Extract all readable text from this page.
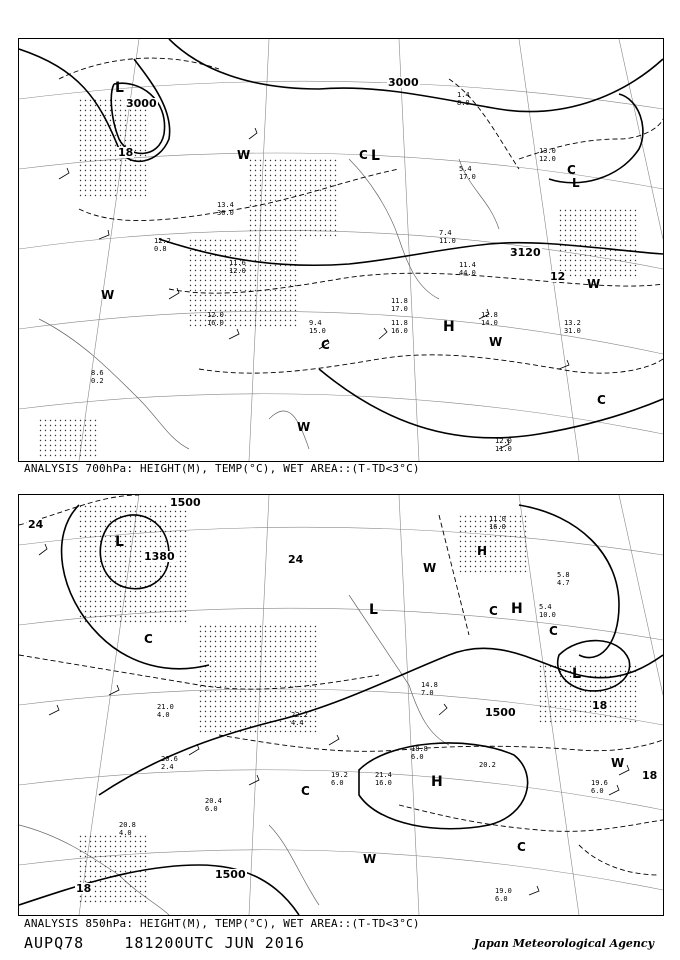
3000
3000
3120
12
18
L
L
L
H
C
C
C
C
W
W
W
W
W
12.2
0.8
11.6
12.0
13.4
30.0
12.0
16.0	9.4
15.0
11.8
17.0
11.8
16.0
12.8
14.0	13.2
31.0
12.0
11.0
8.6
0.2
1.4
8.0
5.4
17.0
7.4
11.0
11.4
44.0
13.0
12.0
ANALYSIS 700hPa: HEIGHT(M), TEMP(°C), WET AREA::(T-TD<3°C)
1500
1500
1500
1380
24
24
18
18
18
L
L
L
H
H
H
C
C
C
C
C
W
W
W
21.4
16.0
18.8
6.0
20.2
19.6
6.0
19.0
6.0
14.8
7.0
20.4
6.0
20.6
2.4
22.2
4.4
21.0
4.0
20.8
4.0
19.2
6.0
5.4
10.0
5.8
4.7
11.0
16.0
ANALYSIS 850hPa: HEIGHT(M), TEMP(°C), WET AREA::(T-TD<3°C)
AUPQ78	181200UTC JUN 2016	Japan Meteorological Agency
